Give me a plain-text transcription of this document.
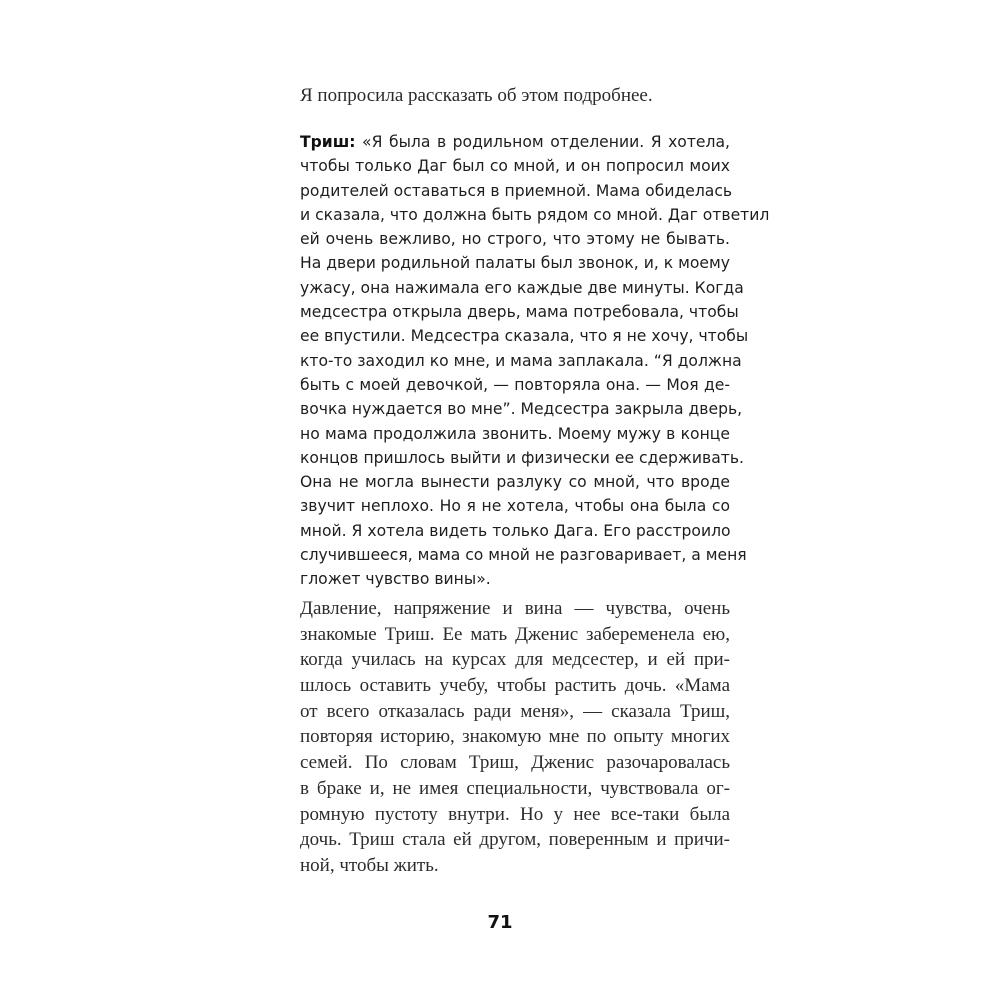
Я попросила рассказать об этом подробнее.
Триш: «Я была в родильном отделении. Я хотела,
чтобы только Даг был со мной, и он попросил моих
родителей оставаться в приемной. Мама обиделась
и сказала, что должна быть рядом со мной. Даг ответил
ей очень вежливо, но строго, что этому не бывать.
На двери родильной палаты был звонок, и, к моему
ужасу, она нажимала его каждые две минуты. Когда
медсестра открыла дверь, мама потребовала, чтобы
ее впустили. Медсестра сказала, что я не хочу, чтобы
кто-то заходил ко мне, и мама заплакала. “Я должна
быть с моей девочкой, — повторяла она. — Моя де-
вочка нуждается во мне”. Медсестра закрыла дверь,
но мама продолжила звонить. Моему мужу в конце
концов пришлось выйти и физически ее сдерживать.
Она не могла вынести разлуку со мной, что вроде
звучит неплохо. Но я не хотела, чтобы она была со
мной. Я хотела видеть только Дага. Его расстроило
случившееся, мама со мной не разговаривает, а меня
гложет чувство вины».
Давление, напряжение и вина — чувства, очень
знакомые Триш. Ее мать Дженис забеременела ею,
когда училась на курсах для медсестер, и ей при-
шлось оставить учебу, чтобы растить дочь. «Мама
от всего отказалась ради меня», — сказала Триш,
повторяя историю, знакомую мне по опыту многих
семей. По словам Триш, Дженис разочаровалась
в браке и, не имея специальности, чувствовала ог-
ромную пустоту внутри. Но у нее все-таки была
дочь. Триш стала ей другом, поверенным и причи-
ной, чтобы жить.
71
